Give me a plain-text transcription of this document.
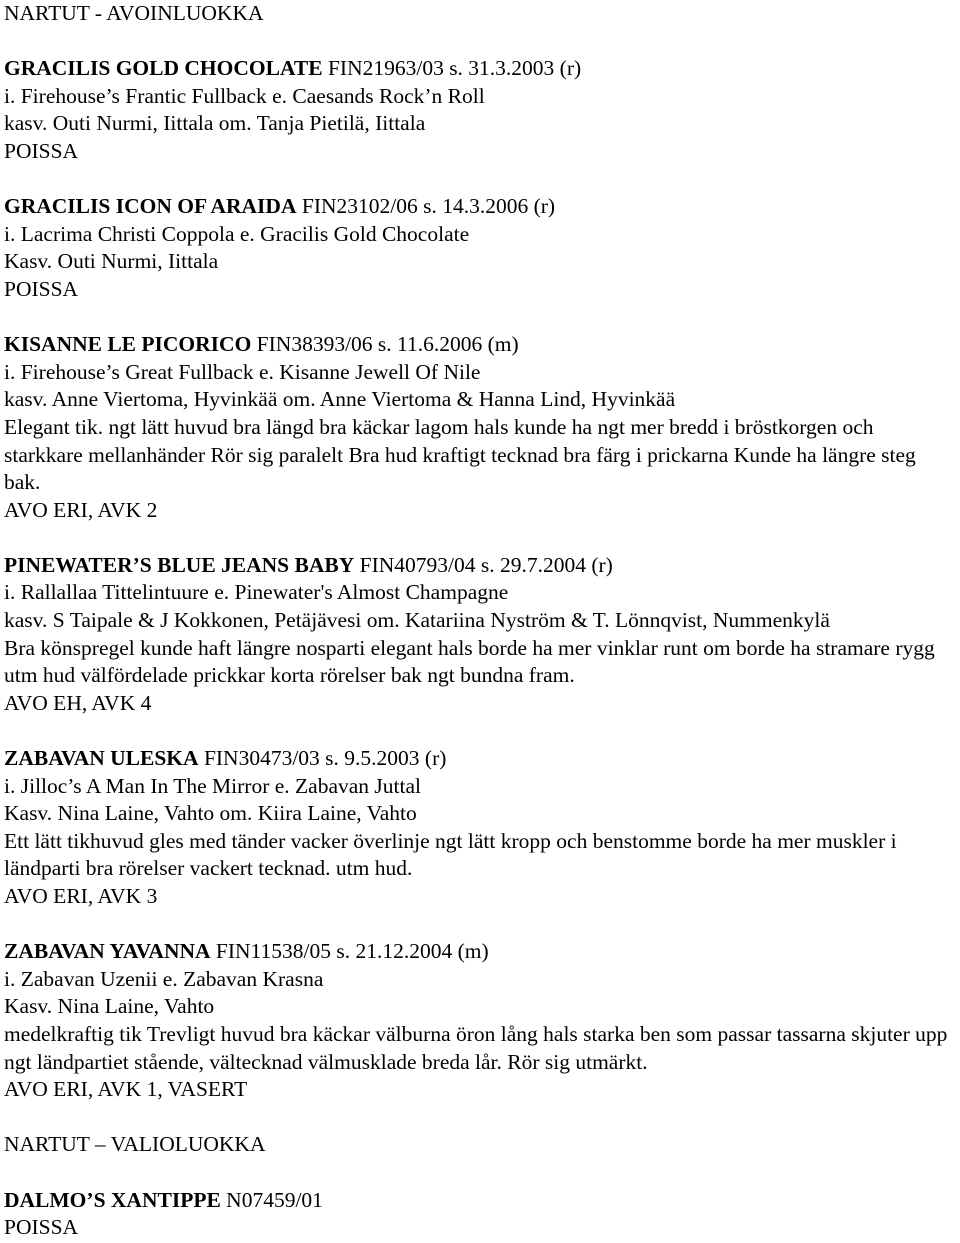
NARTUT - AVOINLUOKKA
GRACILIS GOLD CHOCOLATE FIN21963/03 s. 31.3.2003 (r)
i. Firehouse’s Frantic Fullback e. Caesands Rock’n Roll
kasv. Outi Nurmi, Iittala om. Tanja Pietilä, Iittala
POISSA
GRACILIS ICON OF ARAIDA FIN23102/06 s. 14.3.2006 (r)
i. Lacrima Christi Coppola e. Gracilis Gold Chocolate
Kasv. Outi Nurmi, Iittala
POISSA
KISANNE LE PICORICO FIN38393/06 s. 11.6.2006 (m)
i. Firehouse’s Great Fullback e. Kisanne Jewell Of Nile
kasv. Anne Viertoma, Hyvinkää om. Anne Viertoma & Hanna Lind, Hyvinkää
Elegant tik. ngt lätt huvud bra längd bra käckar lagom hals kunde ha ngt mer bredd i bröstkorgen och starkkare mellanhänder Rör sig paralelt Bra hud kraftigt tecknad bra färg i prickarna Kunde ha längre steg bak.
AVO ERI, AVK 2
PINEWATER’S BLUE JEANS BABY FIN40793/04 s. 29.7.2004 (r)
i. Rallallaa Tittelintuure e. Pinewater's Almost Champagne
kasv. S Taipale & J Kokkonen, Petäjävesi om. Katariina Nyström & T. Lönnqvist, Nummenkylä
Bra könspregel kunde haft längre nosparti elegant hals borde ha mer vinklar runt om borde ha stramare rygg utm hud välfördelade prickkar korta rörelser bak ngt bundna fram.
AVO EH, AVK 4
ZABAVAN ULESKA FIN30473/03 s. 9.5.2003 (r)
i. Jilloc’s A Man In The Mirror e. Zabavan Juttal
Kasv. Nina Laine, Vahto om. Kiira Laine, Vahto
Ett lätt tikhuvud gles med tänder vacker överlinje ngt lätt kropp och benstomme borde ha mer muskler i ländparti bra rörelser vackert tecknad. utm hud.
AVO ERI, AVK 3
ZABAVAN YAVANNA FIN11538/05 s. 21.12.2004 (m)
i. Zabavan Uzenii e. Zabavan Krasna
Kasv. Nina Laine, Vahto
medelkraftig tik Trevligt huvud bra käckar välburna öron lång hals starka ben som passar tassarna skjuter upp ngt ländpartiet stående, vältecknad välmusklade breda lår. Rör sig utmärkt.
AVO ERI, AVK 1, VASERT
NARTUT – VALIOLUOKKA
DALMO’S XANTIPPE N07459/01
POISSA
